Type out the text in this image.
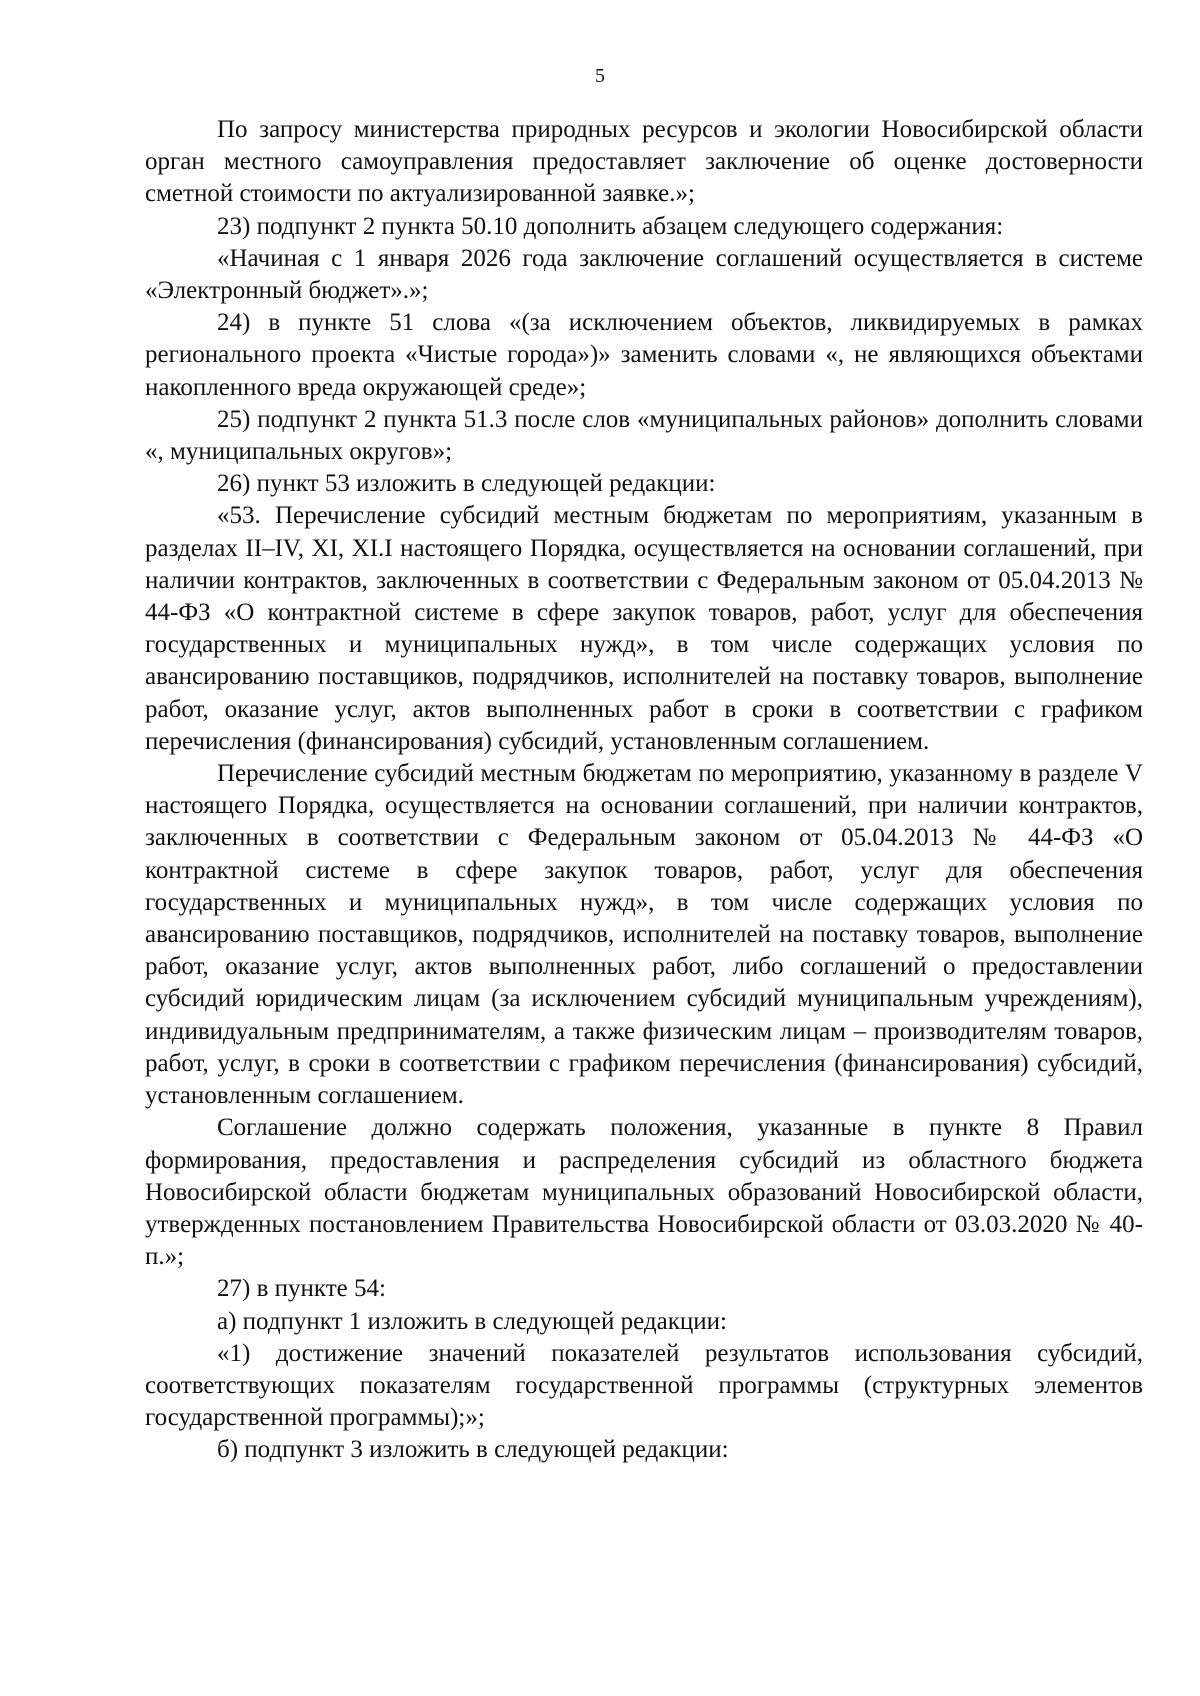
5

По запросу министерства природных ресурсов и экологии Новосибирской области орган местного самоуправления предоставляет заключение об оценке достоверности сметной стоимости по актуализированной заявке.»;

23) подпункт 2 пункта 50.10 дополнить абзацем следующего содержания:

«Начиная с 1 января 2026 года заключение соглашений осуществляется в системе «Электронный бюджет».»;

24) в пункте 51 слова «(за исключением объектов, ликвидируемых в рамках регионального проекта «Чистые города»)» заменить словами «, не являющихся объектами накопленного вреда окружающей среде»;

25) подпункт 2 пункта 51.3 после слов «муниципальных районов» дополнить словами «, муниципальных округов»;

26) пункт 53 изложить в следующей редакции:

«53. Перечисление субсидий местным бюджетам по мероприятиям, указанным в разделах II–IV, XI, XI.I настоящего Порядка, осуществляется на основании соглашений, при наличии контрактов, заключенных в соответствии с Федеральным законом от 05.04.2013 № 44-ФЗ «О контрактной системе в сфере закупок товаров, работ, услуг для обеспечения государственных и муниципальных нужд», в том числе содержащих условия по авансированию поставщиков, подрядчиков, исполнителей на поставку товаров, выполнение работ, оказание услуг, актов выполненных работ в сроки в соответствии с графиком перечисления (финансирования) субсидий, установленным соглашением.

Перечисление субсидий местным бюджетам по мероприятию, указанному в разделе V настоящего Порядка, осуществляется на основании соглашений, при наличии контрактов, заключенных в соответствии с Федеральным законом от 05.04.2013 № 44-ФЗ «О контрактной системе в сфере закупок товаров, работ, услуг для обеспечения государственных и муниципальных нужд», в том числе содержащих условия по авансированию поставщиков, подрядчиков, исполнителей на поставку товаров, выполнение работ, оказание услуг, актов выполненных работ, либо соглашений о предоставлении субсидий юридическим лицам (за исключением субсидий муниципальным учреждениям), индивидуальным предпринимателям, а также физическим лицам – производителям товаров, работ, услуг, в сроки в соответствии с графиком перечисления (финансирования) субсидий, установленным соглашением.

Соглашение должно содержать положения, указанные в пункте 8 Правил формирования, предоставления и распределения субсидий из областного бюджета Новосибирской области бюджетам муниципальных образований Новосибирской области, утвержденных постановлением Правительства Новосибирской области от 03.03.2020 № 40-п.»;

27) в пункте 54:

а) подпункт 1 изложить в следующей редакции:

«1) достижение значений показателей результатов использования субсидий, соответствующих показателям государственной программы (структурных элементов государственной программы);»;

б) подпункт 3 изложить в следующей редакции:
